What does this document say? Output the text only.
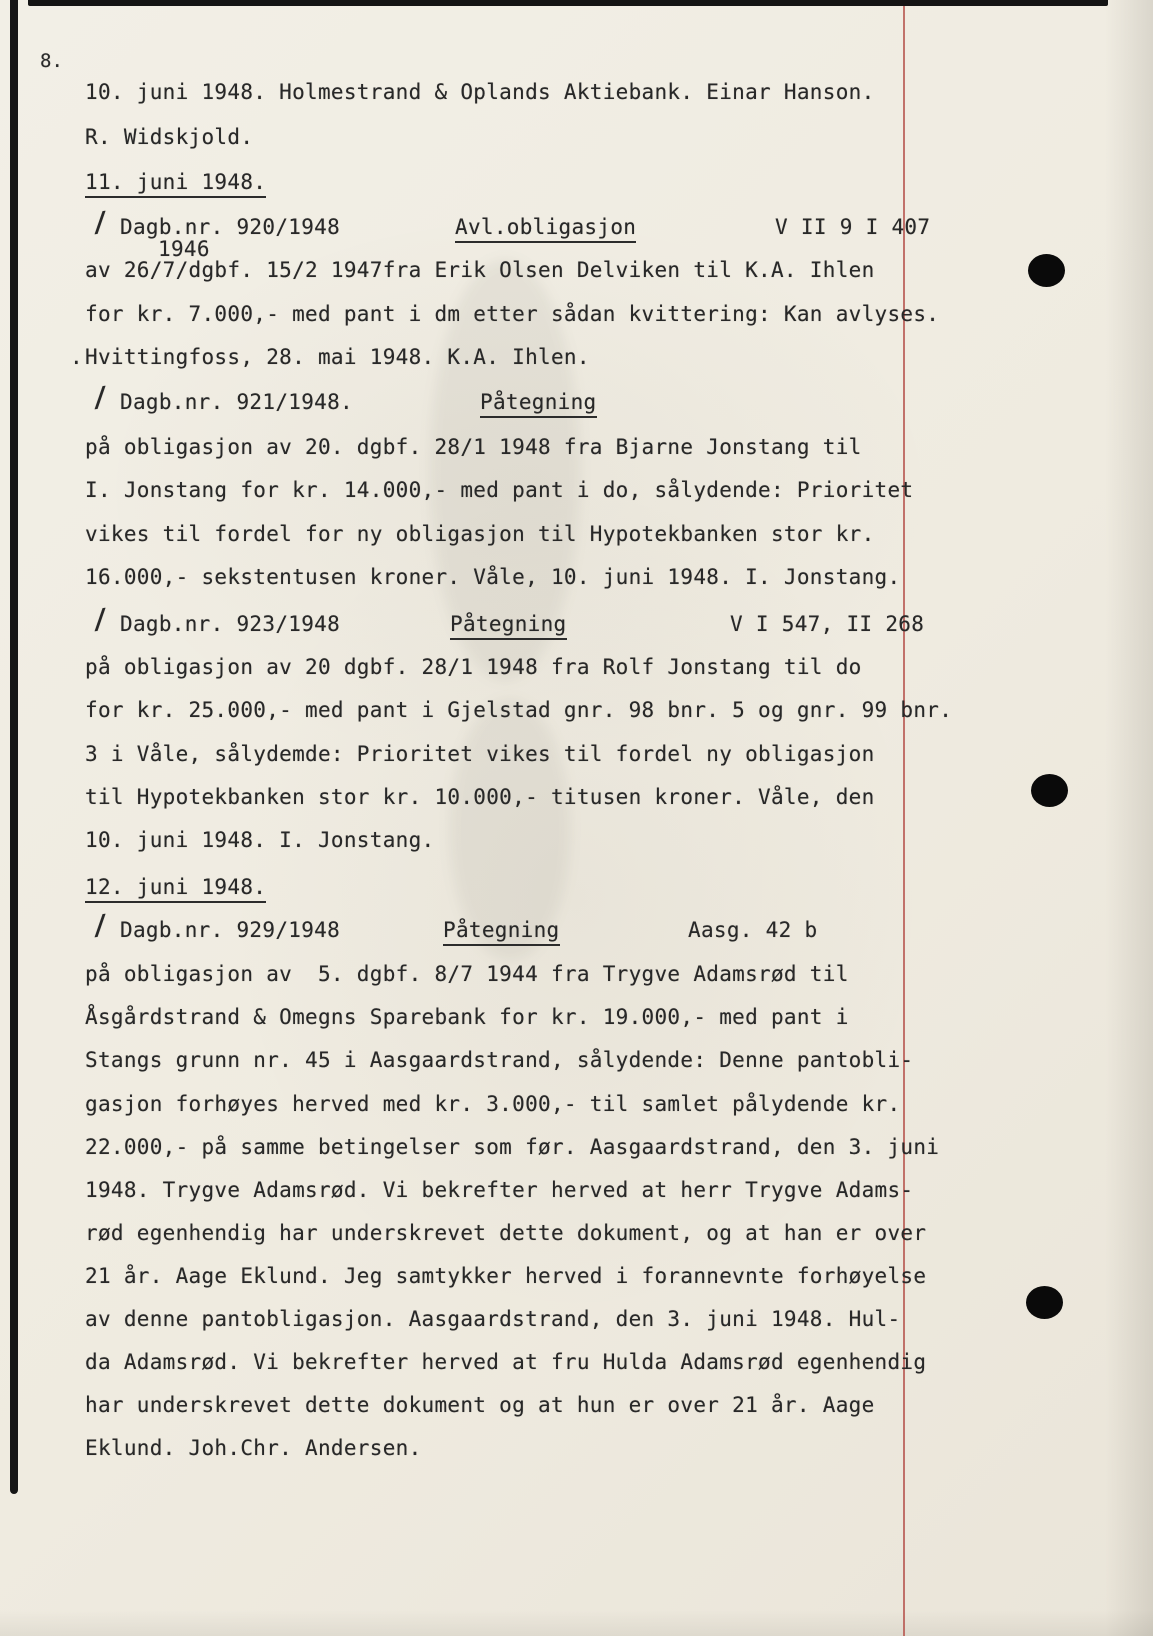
8.
10. juni 1948. Holmestrand & Oplands Aktiebank. Einar Hanson.
R. Widskjold.
11. juni 1948.
/ Dagb.nr. 920/1948	Avl.obligasjon	V II 9 I 407
1946
av 26/7/dgbf. 15/2 1947fra Erik Olsen Delviken til K.A. Ihlen
for kr. 7.000,- med pant i dm etter sådan kvittering: Kan avlyses.
. Hvittingfoss, 28. mai 1948. K.A. Ihlen.
/ Dagb.nr. 921/1948.	Påtegning
på obligasjon av 20. dgbf. 28/1 1948 fra Bjarne Jonstang til
I. Jonstang for kr. 14.000,- med pant i do, sålydende: Prioritet
vikes til fordel for ny obligasjon til Hypotekbanken stor kr.
16.000,- sekstentusen kroner. Våle, 10. juni 1948. I. Jonstang.
/ Dagb.nr. 923/1948	Påtegning	V I 547, II 268
på obligasjon av 20 dgbf. 28/1 1948 fra Rolf Jonstang til do
for kr. 25.000,- med pant i Gjelstad gnr. 98 bnr. 5 og gnr. 99 bnr.
3 i Våle, sålydemde: Prioritet vikes til fordel ny obligasjon
til Hypotekbanken stor kr. 10.000,- titusen kroner. Våle, den
10. juni 1948. I. Jonstang.
12. juni 1948.
/ Dagb.nr. 929/1948	Påtegning	Aasg. 42 b
på obligasjon av  5. dgbf. 8/7 1944 fra Trygve Adamsrød til
Åsgårdstrand & Omegns Sparebank for kr. 19.000,- med pant i
Stangs grunn nr. 45 i Aasgaardstrand, sålydende: Denne pantobli-
gasjon forhøyes herved med kr. 3.000,- til samlet pålydende kr.
22.000,- på samme betingelser som før. Aasgaardstrand, den 3. juni
1948. Trygve Adamsrød. Vi bekrefter herved at herr Trygve Adams-
rød egenhendig har underskrevet dette dokument, og at han er over
21 år. Aage Eklund. Jeg samtykker herved i forannevnte forhøyelse
av denne pantobligasjon. Aasgaardstrand, den 3. juni 1948. Hul-
da Adamsrød. Vi bekrefter herved at fru Hulda Adamsrød egenhendig
har underskrevet dette dokument og at hun er over 21 år. Aage
Eklund. Joh.Chr. Andersen.
